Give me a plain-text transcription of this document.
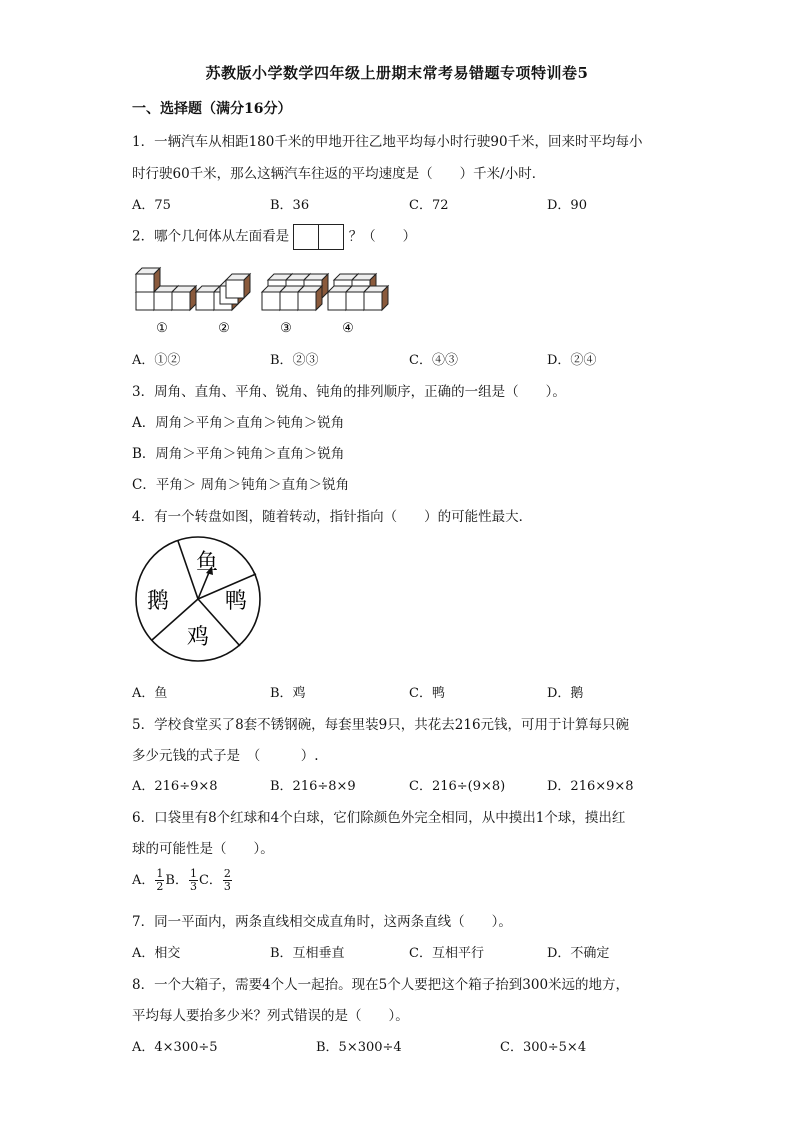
苏教版小学数学四年级上册期末常考易错题专项特训卷5
一、选择题（满分16分）
1．一辆汽车从相距180千米的甲地开往乙地平均每小时行驶90千米，回来时平均每小
时行驶60千米，那么这辆汽车往返的平均速度是（　　）千米/小时．
A．75	B．36	C．72	D．90
2．哪个几何体从左面看是	？（　　）
①	②	③	④
A．①②	B．②③	C．④③	D．②④
3．周角、直角、平角、锐角、钝角的排列顺序，正确的一组是（　　）。
A．周角＞平角＞直角＞钝角＞锐角
B．周角＞平角＞钝角＞直角＞锐角
C．平角＞ 周角＞钝角＞直角＞锐角
4．有一个转盘如图，随着转动，指针指向（　　）的可能性最大．
鱼
鸭
鸡
鹅
A．鱼	B．鸡	C．鸭	D．鹅
5．学校食堂买了8套不锈钢碗，每套里装9只，共花去216元钱，可用于计算每只碗
多少元钱的式子是　（　　　）.
A．216÷9×8	B．216÷8×9	C．216÷(9×8)	D．216×9×8
6．口袋里有8个红球和4个白球，它们除颜色外完全相同，从中摸出1个球，摸出红
球的可能性是（　　）。
A． $\frac{1}{2}$ B． $\frac{1}{3}$ C． $\frac{2}{3}$
7．同一平面内，两条直线相交成直角时，这两条直线（　　）。
A．相交	B．互相垂直	C．互相平行	D．不确定
8．一个大箱子，需要4个人一起抬。现在5个人要把这个箱子抬到300米远的地方，
平均每人要抬多少米？列式错误的是（　　）。
A．4×300÷5	B．5×300÷4	C．300÷5×4
